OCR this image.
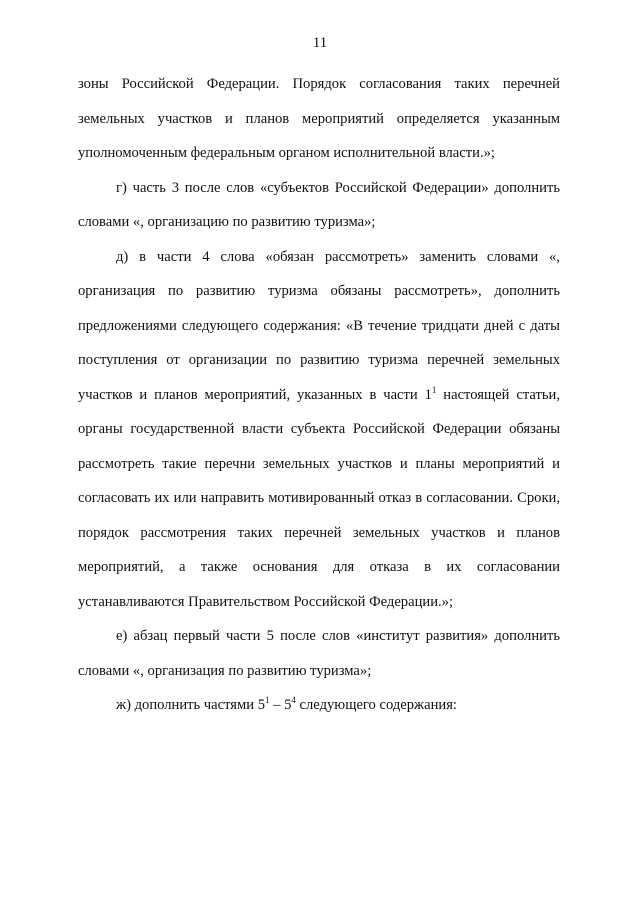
11

зоны Российской Федерации. Порядок согласования таких перечней земельных участков и планов мероприятий определяется указанным уполномоченным федеральным органом исполнительной власти.»;

г) часть 3 после слов «субъектов Российской Федерации» дополнить словами «, организацию по развитию туризма»;

д) в части 4 слова «обязан рассмотреть» заменить словами «, организация по развитию туризма обязаны рассмотреть», дополнить предложениями следующего содержания: «В течение тридцати дней с даты поступления от организации по развитию туризма перечней земельных участков и планов мероприятий, указанных в части $1^1$ настоящей статьи, органы государственной власти субъекта Российской Федерации обязаны рассмотреть такие перечни земельных участков и планы мероприятий и согласовать их или направить мотивированный отказ в согласовании. Сроки, порядок рассмотрения таких перечней земельных участков и планов мероприятий, а также основания для отказа в их согласовании устанавливаются Правительством Российской Федерации.»;

е) абзац первый части 5 после слов «институт развития» дополнить словами «, организация по развитию туризма»;

ж) дополнить частями $5^1 - 5^4$ следующего содержания:
